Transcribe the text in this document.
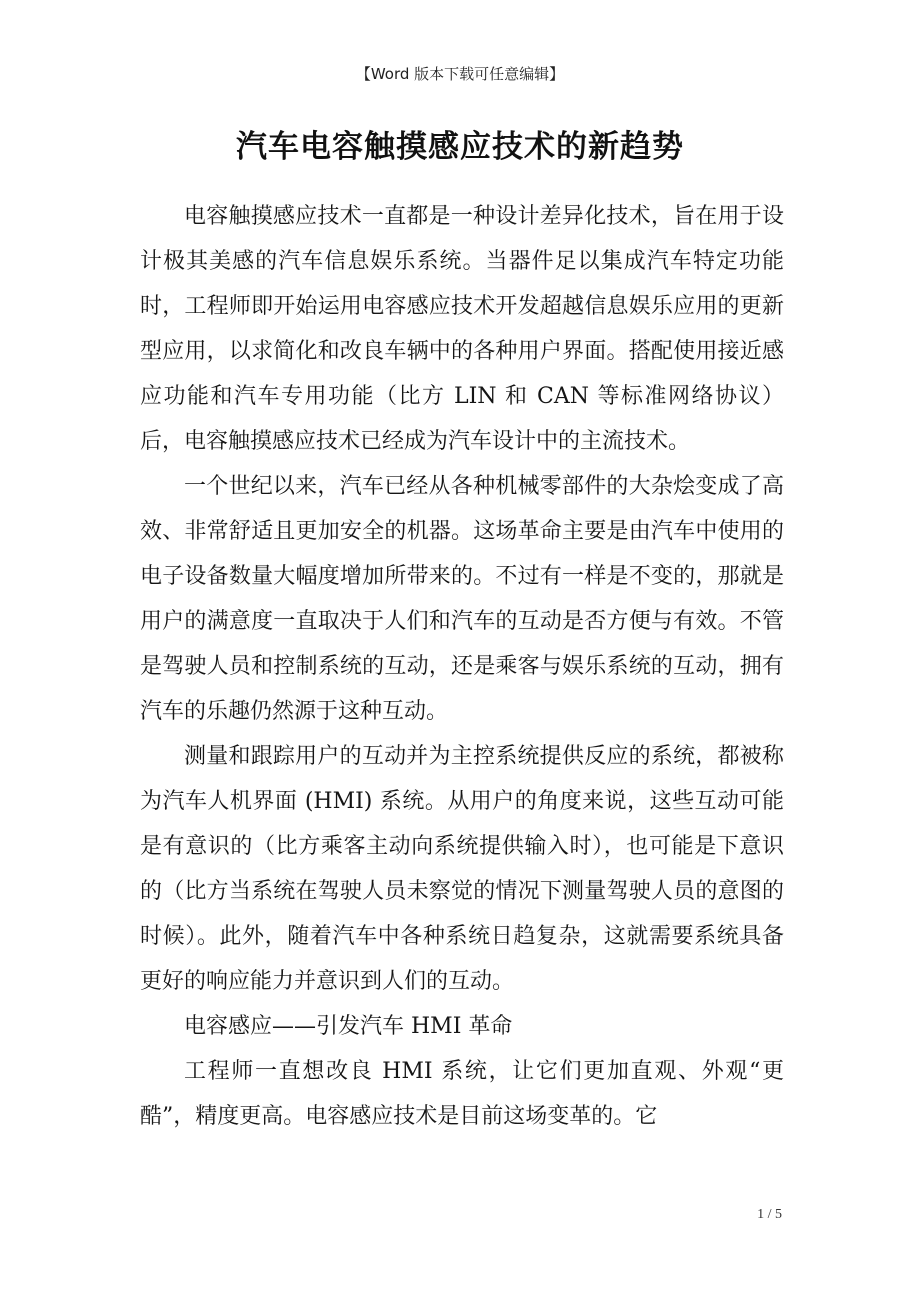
【Word 版本下载可任意编辑】
汽车电容触摸感应技术的新趋势

电容触摸感应技术一直都是一种设计差异化技术，旨在用于设计极其美感的汽车信息娱乐系统。当器件足以集成汽车特定功能时，工程师即开始运用电容感应技术开发超越信息娱乐应用的更新型应用，以求简化和改良车辆中的各种用户界面。搭配使用接近感应功能和汽车专用功能（比方 LIN 和 CAN 等标准网络协议）后，电容触摸感应技术已经成为汽车设计中的主流技术。

一个世纪以来，汽车已经从各种机械零部件的大杂烩变成了高效、非常舒适且更加安全的机器。这场革命主要是由汽车中使用的电子设备数量大幅度增加所带来的。不过有一样是不变的，那就是用户的满意度一直取决于人们和汽车的互动是否方便与有效。不管是驾驶人员和控制系统的互动，还是乘客与娱乐系统的互动，拥有汽车的乐趣仍然源于这种互动。

测量和跟踪用户的互动并为主控系统提供反应的系统，都被称为汽车人机界面 (HMI) 系统。从用户的角度来说，这些互动可能是有意识的（比方乘客主动向系统提供输入时），也可能是下意识的（比方当系统在驾驶人员未察觉的情况下测量驾驶人员的意图的时候）。此外，随着汽车中各种系统日趋复杂，这就需要系统具备更好的响应能力并意识到人们的互动。

电容感应——引发汽车 HMI 革命

工程师一直想改良 HMI 系统，让它们更加直观、外观“更酷”，精度更高。电容感应技术是目前这场变革的。它

1 / 5
